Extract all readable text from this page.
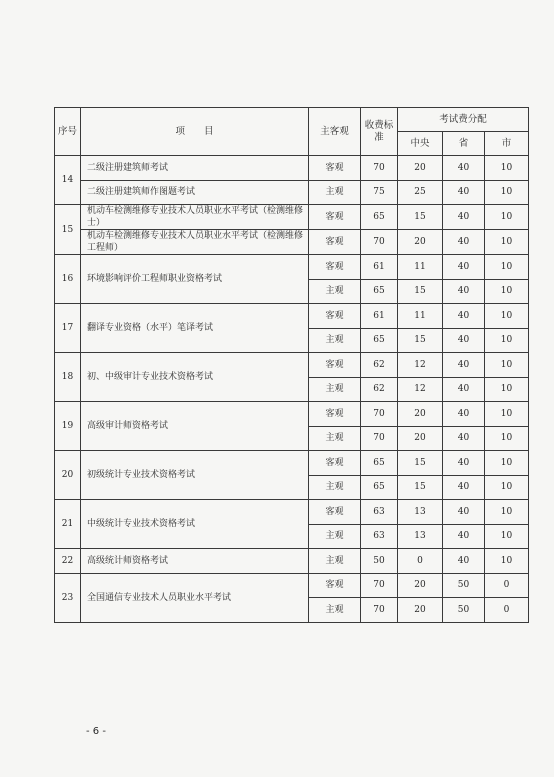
序号	项　　目	主客观	收费标准	考试费分配		
				中央	省	市
14	二级注册建筑师考试	客观	70	20	40	10
	二级注册建筑师作图题考试	主观	75	25	40	10
15	机动车检测维修专业技术人员职业水平考试（检测维修士）	客观	65	15	40	10
	机动车检测维修专业技术人员职业水平考试（检测维修工程师）	客观	70	20	40	10
16	环境影响评价工程师职业资格考试	客观	61	11	40	10
		主观	65	15	40	10
17	翻译专业资格（水平）笔译考试	客观	61	11	40	10
		主观	65	15	40	10
18	初、中级审计专业技术资格考试	客观	62	12	40	10
		主观	62	12	40	10
19	高级审计师资格考试	客观	70	20	40	10
		主观	70	20	40	10
20	初级统计专业技术资格考试	客观	65	15	40	10
		主观	65	15	40	10
21	中级统计专业技术资格考试	客观	63	13	40	10
		主观	63	13	40	10
22	高级统计师资格考试	主观	50	0	40	10
23	全国通信专业技术人员职业水平考试	客观	70	20	50	0
		主观	70	20	50	0
- 6 -
